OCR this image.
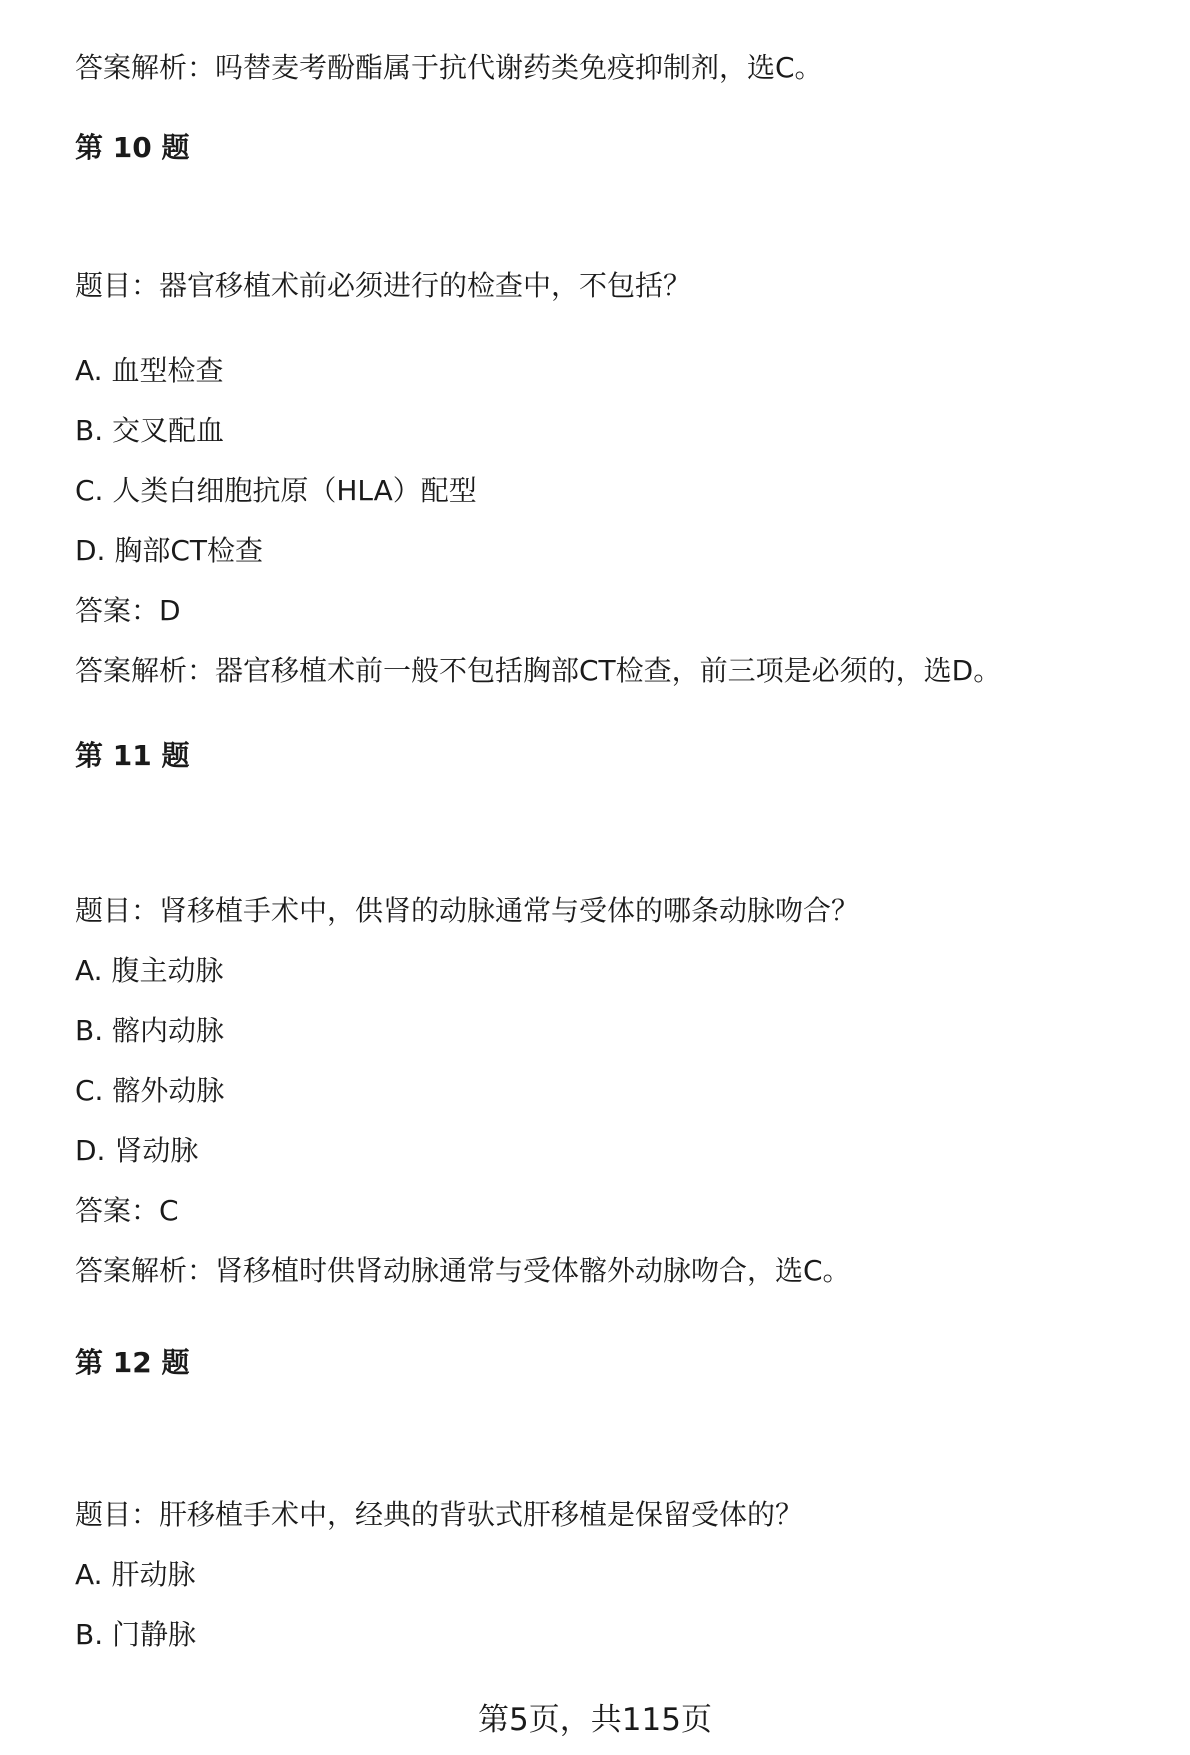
答案解析：吗替麦考酚酯属于抗代谢药类免疫抑制剂，选C。
第 10 题
题目：器官移植术前必须进行的检查中，不包括？
A. 血型检查
B. 交叉配血
C. 人类白细胞抗原（HLA）配型
D. 胸部CT检查
答案：D
答案解析：器官移植术前一般不包括胸部CT检查，前三项是必须的，选D。
第 11 题
题目：肾移植手术中，供肾的动脉通常与受体的哪条动脉吻合？
A. 腹主动脉
B. 髂内动脉
C. 髂外动脉
D. 肾动脉
答案：C
答案解析：肾移植时供肾动脉通常与受体髂外动脉吻合，选C。
第 12 题
题目：肝移植手术中，经典的背驮式肝移植是保留受体的？
A. 肝动脉
B. 门静脉
第5页，共115页
